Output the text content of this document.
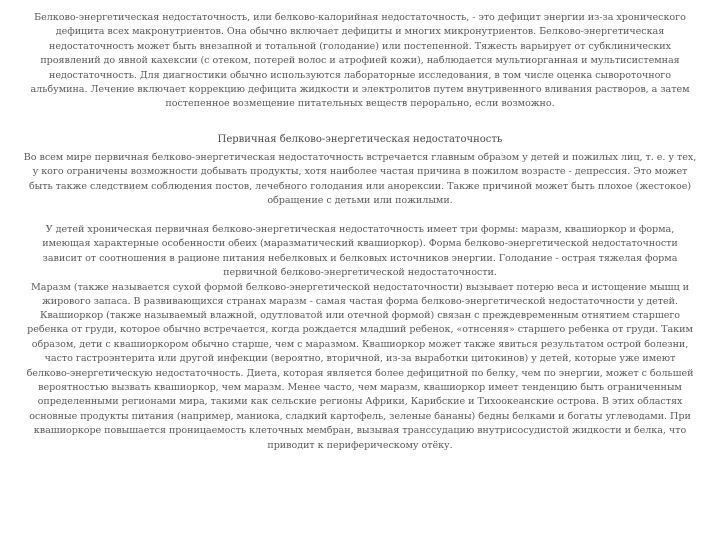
Белково-энергетическая недостаточность, или белково-калорийная недостаточность, - это дефицит энергии из-за хронического дефицита всех макронутриентов. Она обычно включает дефициты и многих микронутриентов. Белково-энергетическая недостаточность может быть внезапной и тотальной (голодание) или постепенной. Тяжесть варьирует от субклинических проявлений до явной кахексии (с отеком, потерей волос и атрофией кожи), наблюдается мультиорганная и мультисистемная недостаточность. Для диагностики обычно используются лабораторные исследования, в том числе оценка сывороточного альбумина. Лечение включает коррекцию дефицита жидкости и электролитов путем внутривенного вливания растворов, а затем постепенное возмещение питательных веществ перорально, если возможно.

Первичная белково-энергетическая недостаточность

Во всем мире первичная белково-энергетическая недостаточность встречается главным образом у детей и пожилых лиц, т. е. у тех, у кого ограничены возможности добывать продукты, хотя наиболее частая причина в пожилом возрасте - депрессия. Это может быть также следствием соблюдения постов, лечебного голодания или анорексии. Также причиной может быть плохое (жестокое) обращение с детьми или пожилыми.

У детей хроническая первичная белково-энергетическая недостаточность имеет три формы: маразм, квашиоркор и форма, имеющая характерные особенности обеих (маразматический квашиоркор). Форма белково-энергетической недостаточности зависит от соотношения в рационе питания небелковых и белковых источников энергии. Голодание - острая тяжелая форма первичной белково-энергетической недостаточности.

Маразм (также называется сухой формой белково-энергетической недостаточности) вызывает потерю веса и истощение мышц и жирового запаса. В развивающихся странах маразм - самая частая форма белково-энергетической недостаточности у детей.

Квашиоркор (также называемый влажной, одутловатой или отечной формой) связан с преждевременным отнятием старшего ребенка от груди, которое обычно встречается, когда рождается младший ребенок, «отнсеняя» старшего ребенка от груди. Таким образом, дети с квашиоркором обычно старше, чем с маразмом. Квашиоркор может также явиться результатом острой болезни, часто гастроэнтерита или другой инфекции (вероятно, вторичной, из-за выработки цитокинов) у детей, которые уже имеют белково-энергетическую недостаточность. Диета, которая является более дефицитной по белку, чем по энергии, может с большей вероятностью вызвать квашиоркор, чем маразм. Менее часто, чем маразм, квашиоркор имеет тенденцию быть ограниченным определенными регионами мира, такими как сельские регионы Африки, Карибские и Тихоокеанские острова. В этих областях основные продукты питания (например, маниока, сладкий картофель, зеленые бананы) бедны белками и богаты углеводами. При квашиоркоре повышается проницаемость клеточных мембран, вызывая транссудацию внутрисосудистой жидкости и белка, что приводит к периферическому отёку.
